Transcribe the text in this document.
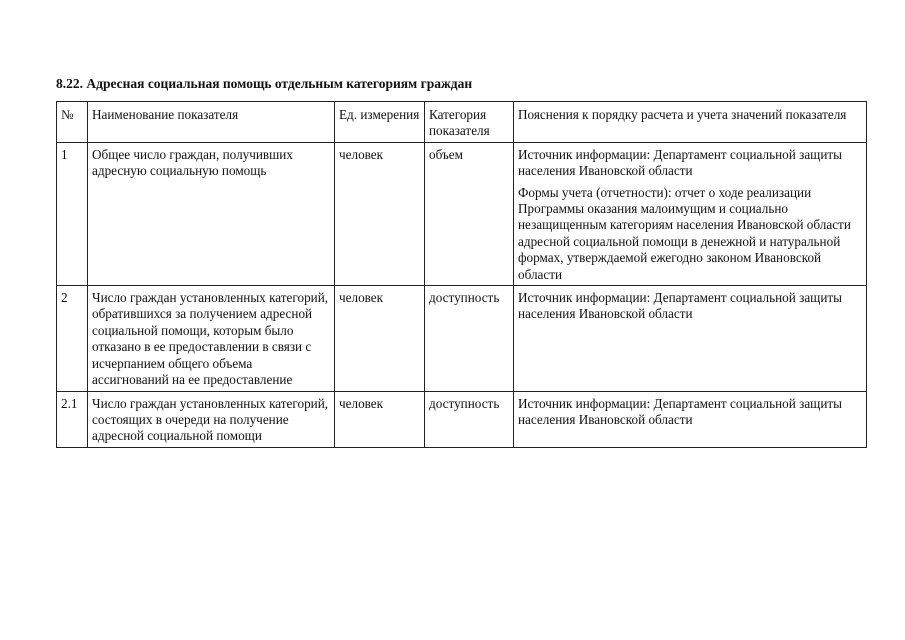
8.22. Адресная социальная помощь отдельным категориям граждан
№	Наименование показателя	Ед. измерения	Категория показателя	Пояснения к порядку расчета и учета значений показателя
1	Общее число граждан, получивших адресную социальную помощь	человек	объем	Источник информации: Департамент социальной защиты населения Ивановской области
Формы учета (отчетности): отчет о ходе реализации Программы оказания малоимущим и социально незащищенным категориям населения Ивановской области адресной социальной помощи в денежной и натуральной формах, утверждаемой ежегодно законом Ивановской области

2	Число граждан установленных категорий, обратившихся за получением адресной социальной помощи, которым было отказано в ее предоставлении в связи с исчерпанием общего объема ассигнований на ее предоставление	человек	доступность	Источник информации: Департамент социальной защиты населения Ивановской области
2.1	Число граждан установленных категорий, состоящих в очереди на получение адресной социальной помощи	человек	доступность	Источник информации: Департамент социальной защиты населения Ивановской области
